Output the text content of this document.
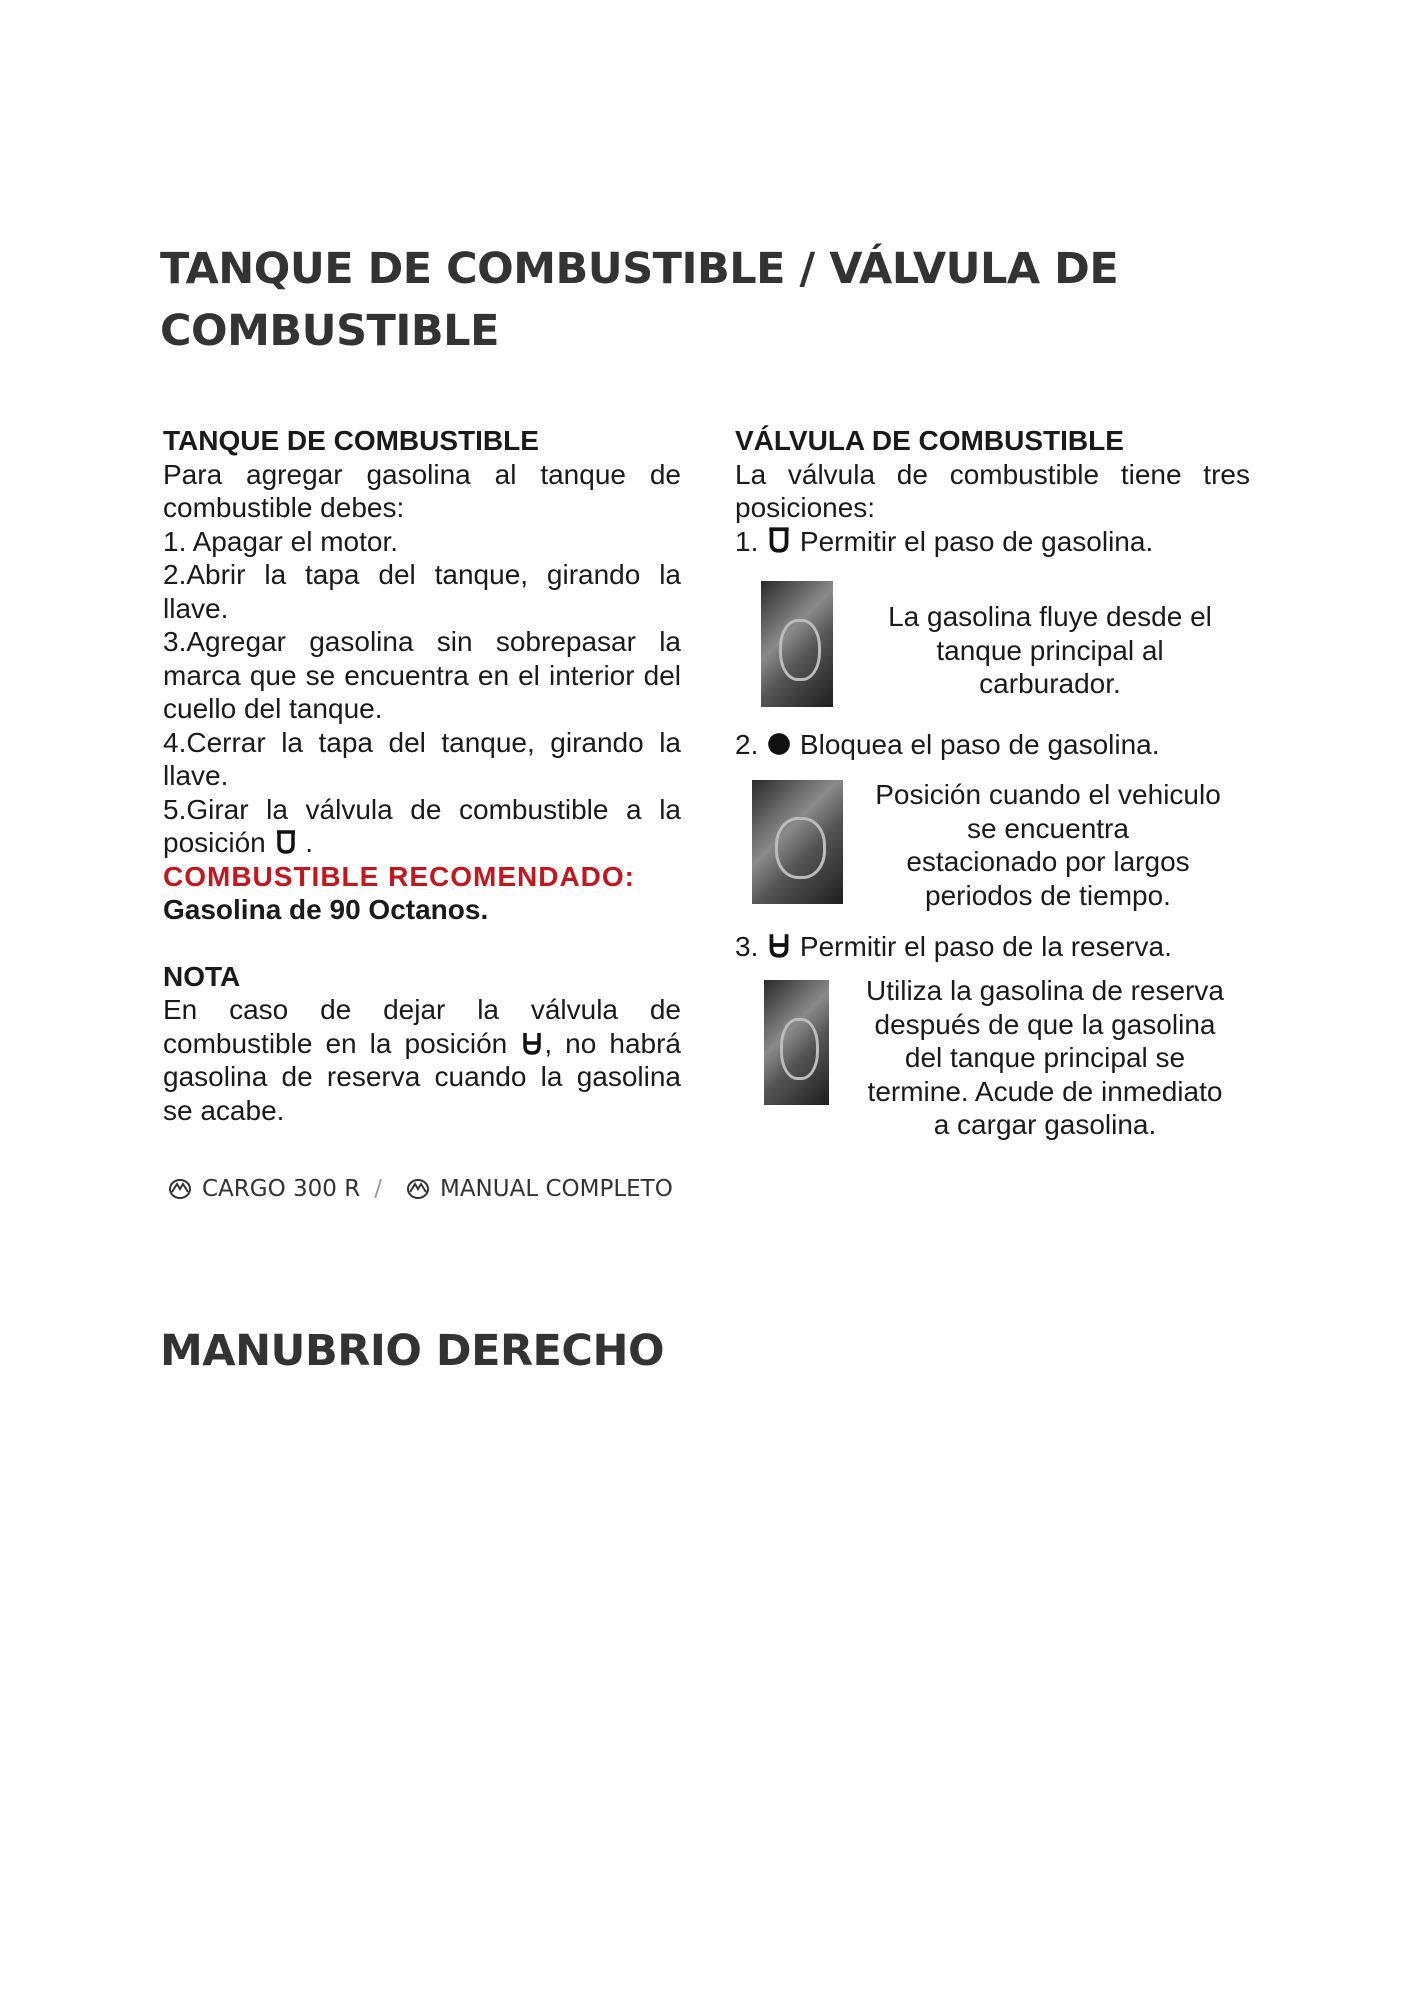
TANQUE DE COMBUSTIBLE / VÁLVULA DE
COMBUSTIBLE

TANQUE DE COMBUSTIBLE

Para agregar gasolina al tanque de combustible debes:

1. Apagar el motor.

2.Abrir la tapa del tanque, girando la llave.

3.Agregar gasolina sin sobrepasar la marca que se encuentra en el interior del cuello del tanque.

4.Cerrar la tapa del tanque, girando la llave.

5.Girar la válvula de combustible a la posición .

COMBUSTIBLE RECOMENDADO:

Gasolina de 90 Octanos.

NOTA

En caso de dejar la válvula de combustible en la posición , no habrá gasolina de reserva cuando la gasolina se acabe.

VÁLVULA DE COMBUSTIBLE

La válvula de combustible tiene tres posiciones:

1. Permitir el paso de gasolina.

2. Bloquea el paso de gasolina.

3. Permitir el paso de la reserva.

La gasolina fluye desde el
tanque principal al
carburador.
Posición cuando el vehiculo
se encuentra
estacionado por largos
periodos de tiempo.
Utiliza la gasolina de reserva
después de que la gasolina
del tanque principal se
termine. Acude de inmediato
a cargar gasolina.
CARGO 300 R /	MANUAL COMPLETO
MANUBRIO DERECHO
